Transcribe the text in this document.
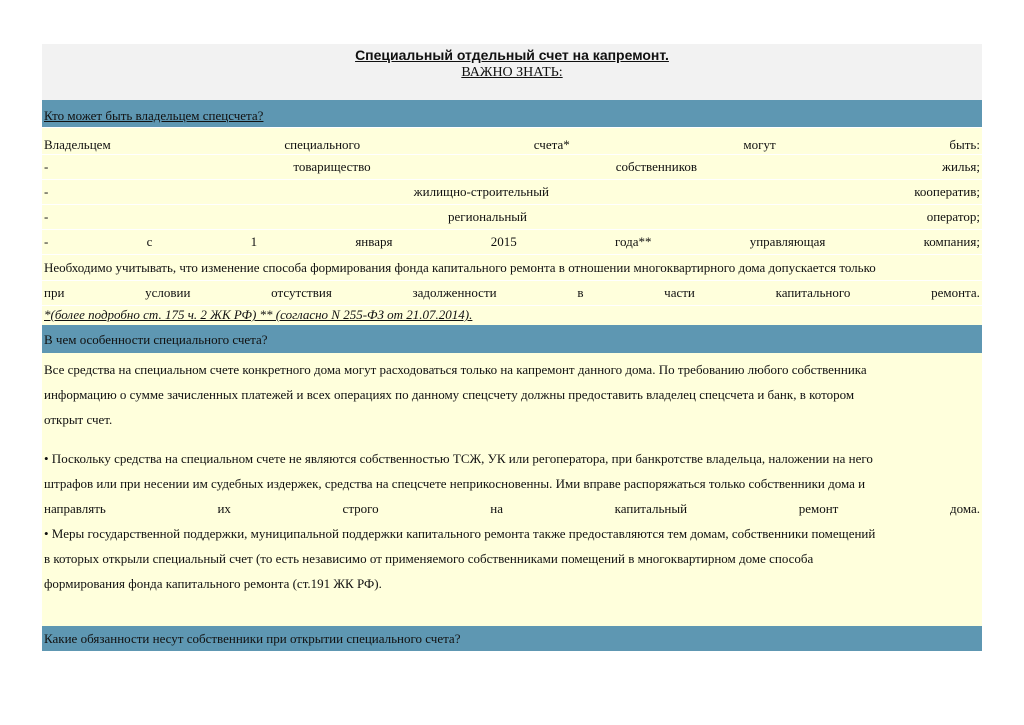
Специальный отдельный счет на капремонт.
ВАЖНО ЗНАТЬ:
Кто может быть владельцем спецсчета?
Владельцем	специального	счета*	могут	быть:
-	товарищество	собственников	жилья;
-	жилищно-строительный	кооператив;
-	региональный	оператор;
-	с	1	января	2015	года**	управляющая	компания;
Необходимо учитывать, что изменение способа формирования фонда капитального ремонта в отношении многоквартирного дома допускается только
при	условии	отсутствия	задолженности	в	части	капитального	ремонта.
*(более подробно ст. 175 ч. 2 ЖК РФ) ** (согласно N 255-ФЗ от 21.07.2014).
В чем особенности специального счета?
Все средства на специальном счете конкретного дома могут расходоваться только на капремонт данного дома. По требованию любого собственника
информацию о сумме зачисленных платежей и всех операциях по данному спецсчету должны предоставить владелец спецсчета и банк, в котором
открыт счет.
• Поскольку средства на специальном счете не являются собственностью ТСЖ, УК или регоператора, при банкротстве владельца, наложении на него
штрафов или при несении им судебных издержек, средства на спецсчете неприкосновенны. Ими вправе распоряжаться только собственники дома и
направлять	их	строго	на	капитальный	ремонт	дома.
• Меры государственной поддержки, муниципальной поддержки капитального ремонта также предоставляются тем домам, собственники помещений
в которых открыли специальный счет (то есть независимо от применяемого собственниками помещений в многоквартирном доме способа
формирования фонда капитального ремонта (ст.191 ЖК РФ).
Какие обязанности несут собственники при открытии специального счета?
